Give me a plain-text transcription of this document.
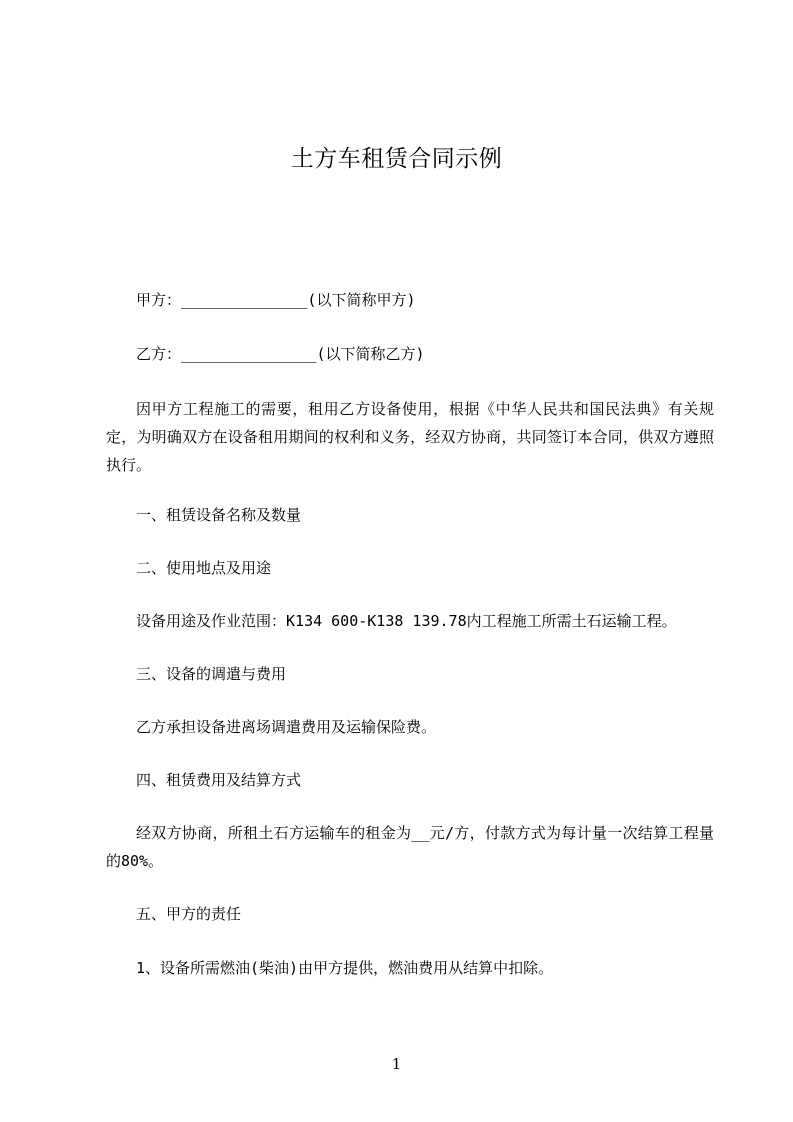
土方车租赁合同示例
甲方：______________(以下简称甲方)
乙方：_______________(以下简称乙方)
因甲方工程施工的需要，租用乙方设备使用，根据《中华人民共和国民法典》有关规定，为明确双方在设备租用期间的权利和义务，经双方协商，共同签订本合同，供双方遵照执行。
一、租赁设备名称及数量
二、使用地点及用途
设备用途及作业范围：K134 600-K138 139.78内工程施工所需土石运输工程。
三、设备的调遣与费用
乙方承担设备进离场调遣费用及运输保险费。
四、租赁费用及结算方式
经双方协商，所租土石方运输车的租金为__元/方，付款方式为每计量一次结算工程量的80%。
五、甲方的责任
1、设备所需燃油(柴油)由甲方提供，燃油费用从结算中扣除。
1
